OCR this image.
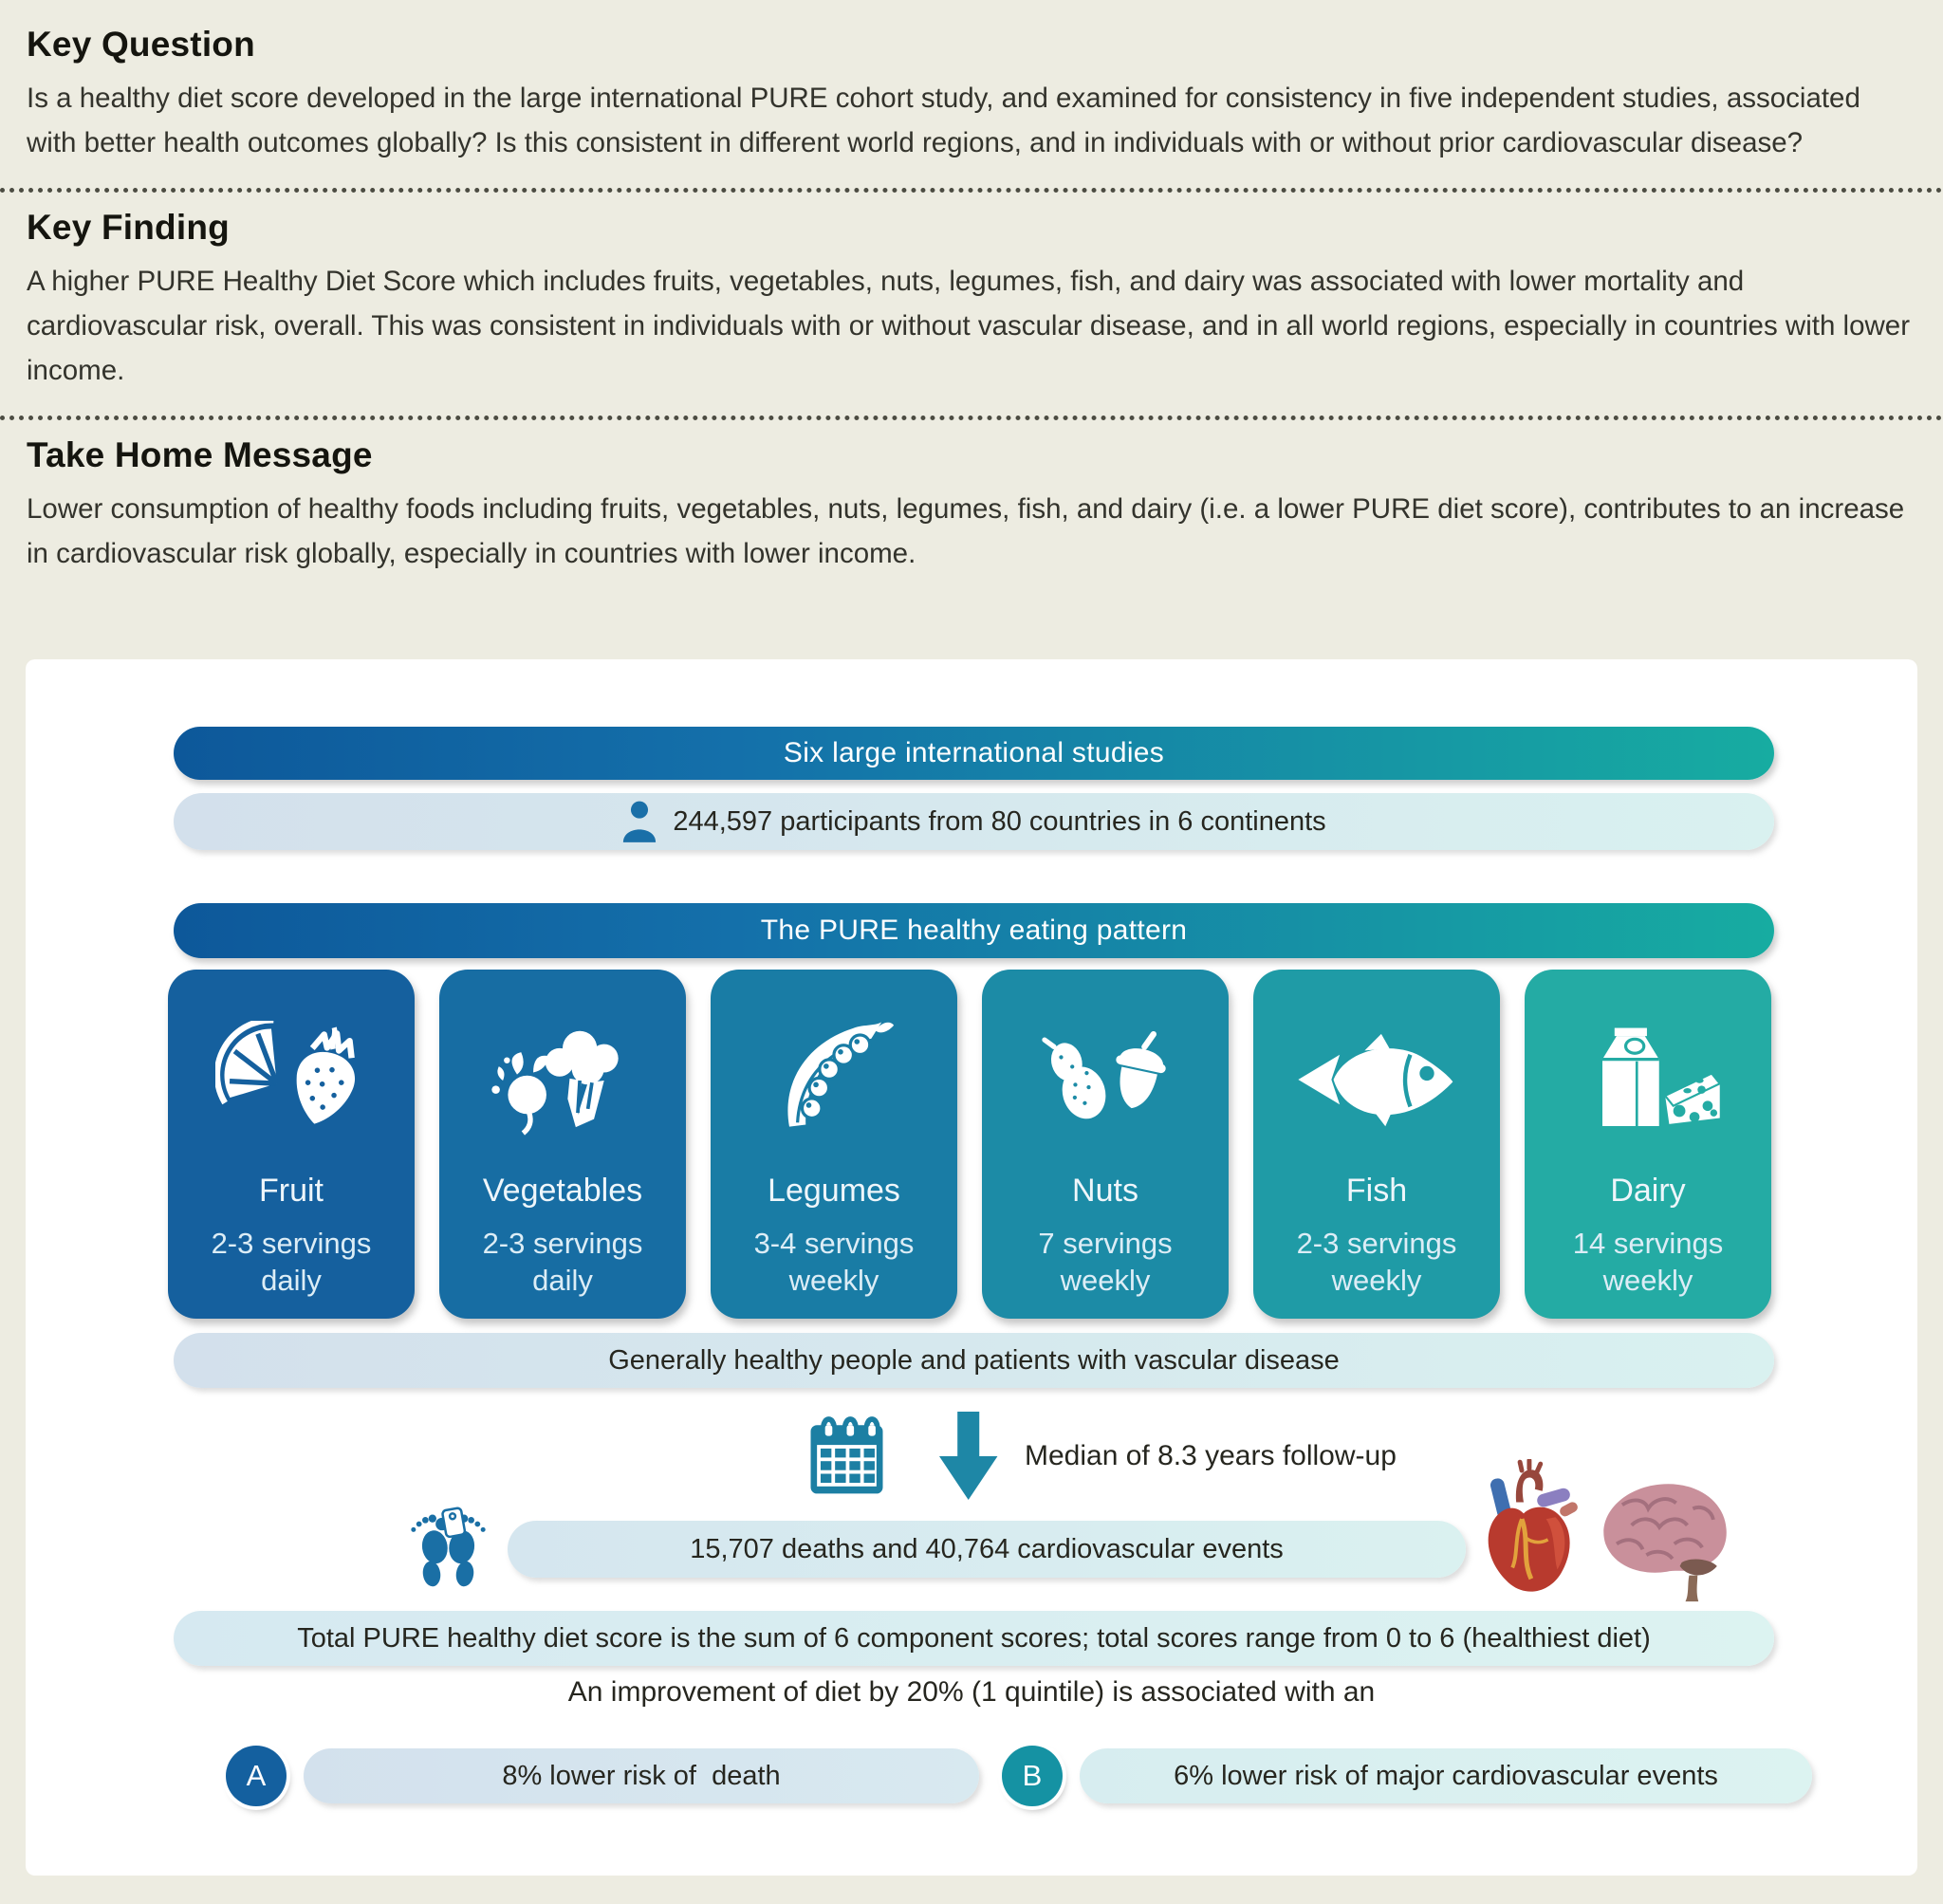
Key Question

Is a healthy diet score developed in the large international PURE cohort study, and examined for consistency in five independent studies, associated with better health outcomes globally? Is this consistent in different world regions, and in individuals with or without prior cardiovascular disease?

Key Finding

A higher PURE Healthy Diet Score which includes fruits, vegetables, nuts, legumes, fish, and dairy was associated with lower mortality and cardiovascular risk, overall. This was consistent in individuals with or without vascular disease, and in all world regions, especially in countries with lower income.

Take Home Message

Lower consumption of healthy foods including fruits, vegetables, nuts, legumes, fish, and dairy (i.e. a lower PURE diet score), contributes to an increase in cardiovascular risk globally, especially in countries with lower income.

Six large international studies
244,597 participants from 80 countries in 6 continents
The PURE healthy eating pattern
Fruit
2-3 servings daily
Vegetables
2-3 servings daily
Legumes
3-4 servings weekly
Nuts
7 servings weekly
Fish
2-3 servings weekly
Dairy
14 servings weekly
Generally healthy people and patients with vascular disease
Median of 8.3 years follow-up
15,707 deaths and 40,764 cardiovascular events
Total PURE healthy diet score is the sum of 6 component scores; total scores range from 0 to 6 (healthiest diet)
An improvement of diet by 20% (1 quintile) is associated with an
A	8% lower risk of  death	B	6% lower risk of major cardiovascular events
